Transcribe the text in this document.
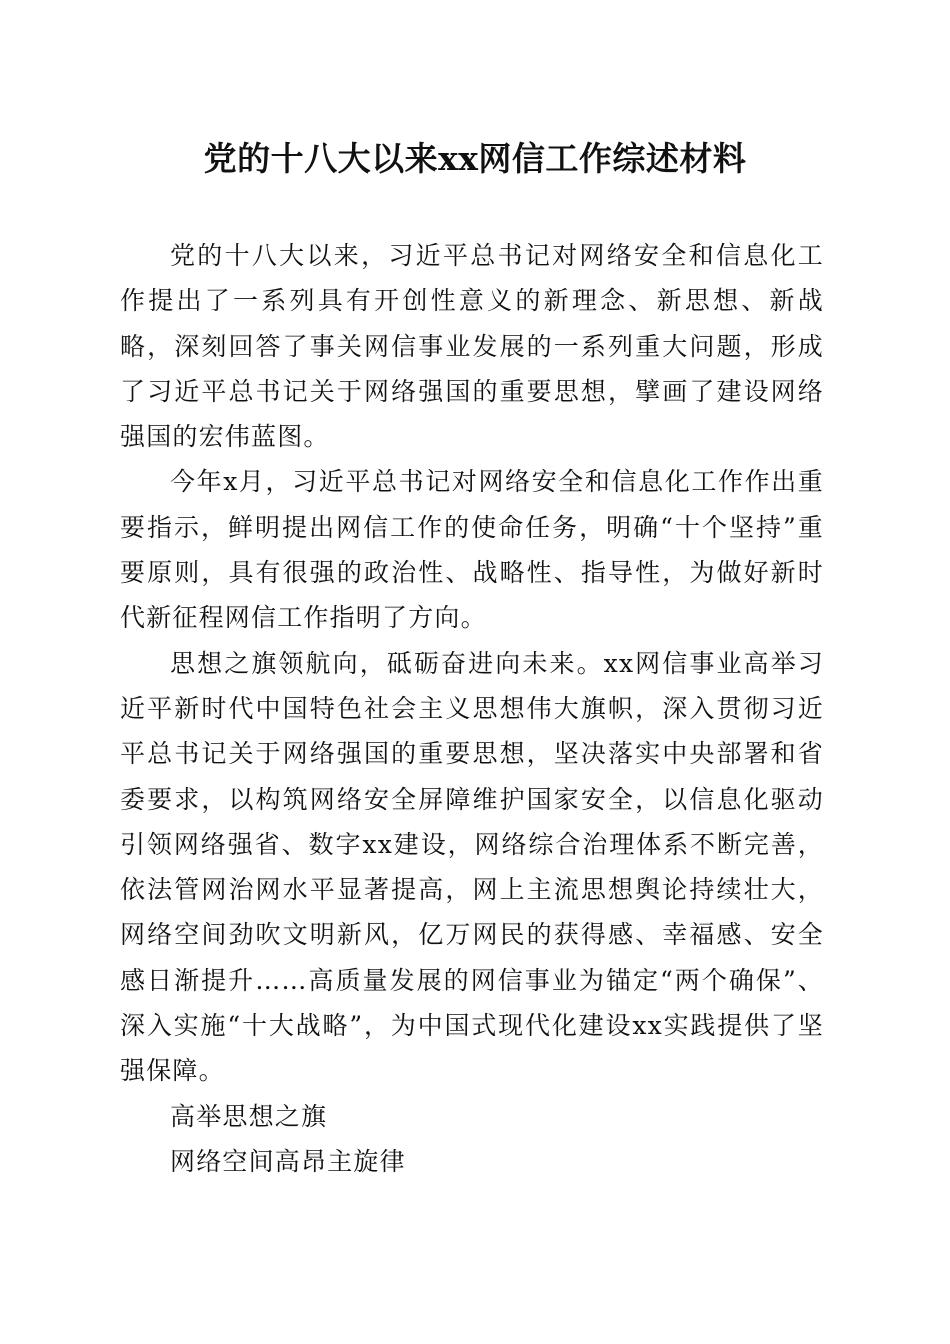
党的十八大以来xx网信工作综述材料

党的十八大以来，习近平总书记对网络安全和信息化工作提出了一系列具有开创性意义的新理念、新思想、新战略，深刻回答了事关网信事业发展的一系列重大问题，形成了习近平总书记关于网络强国的重要思想，擘画了建设网络强国的宏伟蓝图。

今年x月，习近平总书记对网络安全和信息化工作作出重要指示，鲜明提出网信工作的使命任务，明确“十个坚持”重要原则，具有很强的政治性、战略性、指导性，为做好新时代新征程网信工作指明了方向。

思想之旗领航向，砥砺奋进向未来。xx网信事业高举习近平新时代中国特色社会主义思想伟大旗帜，深入贯彻习近平总书记关于网络强国的重要思想，坚决落实中央部署和省委要求，以构筑网络安全屏障维护国家安全，以信息化驱动引领网络强省、数字xx建设，网络综合治理体系不断完善，依法管网治网水平显著提高，网上主流思想舆论持续壮大，网络空间劲吹文明新风，亿万网民的获得感、幸福感、安全感日渐提升……高质量发展的网信事业为锚定“两个确保”、深入实施“十大战略”，为中国式现代化建设xx实践提供了坚强保障。

高举思想之旗

网络空间高昂主旋律
